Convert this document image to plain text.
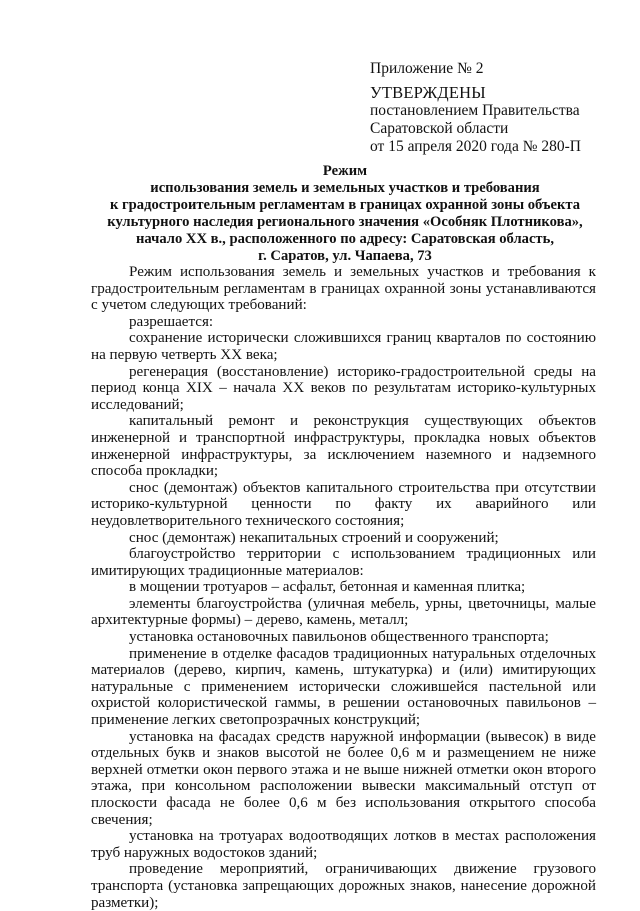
Приложение № 2
УТВЕРЖДЕНЫ
постановлением Правительства
Саратовской области
от 15 апреля 2020 года № 280-П
Режим
использования земель и земельных участков и требования
к градостроительным регламентам в границах охранной зоны объекта
культурного наследия регионального значения «Особняк Плотникова»,
начало XX в., расположенного по адресу: Саратовская область,
г. Саратов, ул. Чапаева, 73

Режим использования земель и земельных участков и требования к градостроительным регламентам в границах охранной зоны устанавливаются с учетом следующих требований:

разрешается:

сохранение исторически сложившихся границ кварталов по состоянию на первую четверть XX века;

регенерация (восстановление) историко-градостроительной среды на период конца XIX – начала XX веков по результатам историко-культурных исследований;

капитальный ремонт и реконструкция существующих объектов инженерной и транспортной инфраструктуры, прокладка новых объектов инженерной инфраструктуры, за исключением наземного и надземного способа прокладки;

снос (демонтаж) объектов капитального строительства при отсутствии историко-культурной ценности по факту их аварийного или неудовлетворительного технического состояния;

снос (демонтаж) некапитальных строений и сооружений;

благоустройство территории с использованием традиционных или имитирующих традиционные материалов:

в мощении тротуаров – асфальт, бетонная и каменная плитка;

элементы благоустройства (уличная мебель, урны, цветочницы, малые архитектурные формы) – дерево, камень, металл;

установка остановочных павильонов общественного транспорта;

применение в отделке фасадов традиционных натуральных отделочных материалов (дерево, кирпич, камень, штукатурка) и (или) имитирующих натуральные с применением исторически сложившейся пастельной или охристой колористической гаммы, в решении остановочных павильонов – применение легких светопрозрачных конструкций;

установка на фасадах средств наружной информации (вывесок) в виде отдельных букв и знаков высотой не более 0,6 м и размещением не ниже верхней отметки окон первого этажа и не выше нижней отметки окон второго этажа, при консольном расположении вывески максимальный отступ от плоскости фасада не более 0,6 м без использования открытого способа свечения;

установка на тротуарах водоотводящих лотков в местах расположения труб наружных водостоков зданий;

проведение мероприятий, ограничивающих движение грузового транспорта (установка запрещающих дорожных знаков, нанесение дорожной разметки);
